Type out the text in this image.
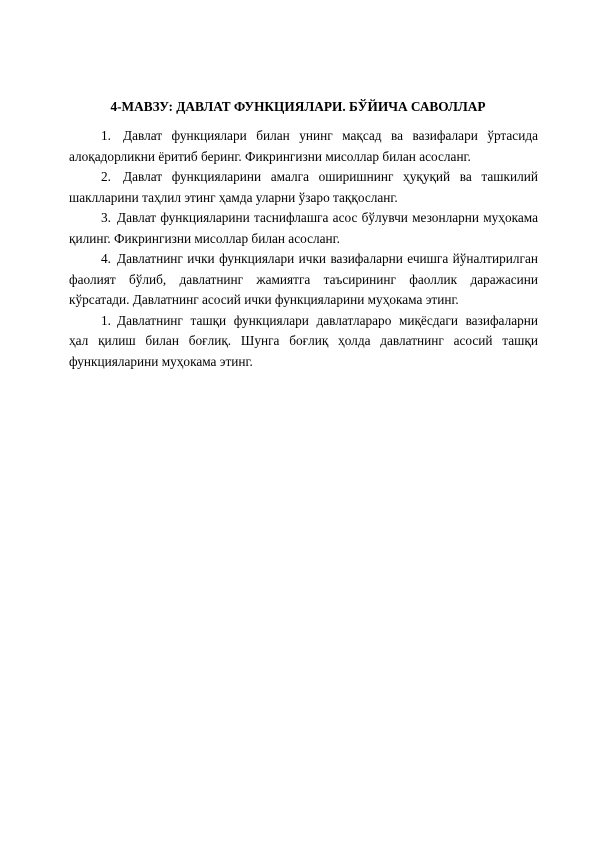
4-МАВЗУ: ДАВЛАТ ФУНКЦИЯЛАРИ. БЎЙИЧА САВОЛЛАР

1. Давлат функциялари билан унинг мақсад ва вазифалари ўртасида алоқадорликни ёритиб беринг. Фикрингизни мисоллар билан асосланг.

2. Давлат функцияларини амалга оширишнинг ҳуқуқий ва ташкилий шаклларини таҳлил этинг ҳамда уларни ўзаро таққосланг.

3. Давлат функцияларини таснифлашга асос бўлувчи мезонларни муҳокама қилинг. Фикрингизни мисоллар билан асосланг.

4. Давлатнинг ички функциялари ички вазифаларни ечишга йўналтирилган фаолият бўлиб, давлатнинг жамиятга таъсирининг фаоллик даражасини кўрсатади. Давлатнинг асосий ички функцияларини муҳокама этинг.

1. Давлатнинг ташқи функциялари давлатлараро миқёсдаги вазифаларни ҳал қилиш билан боғлиқ. Шунга боғлиқ ҳолда давлатнинг асосий ташқи функцияларини муҳокама этинг.
